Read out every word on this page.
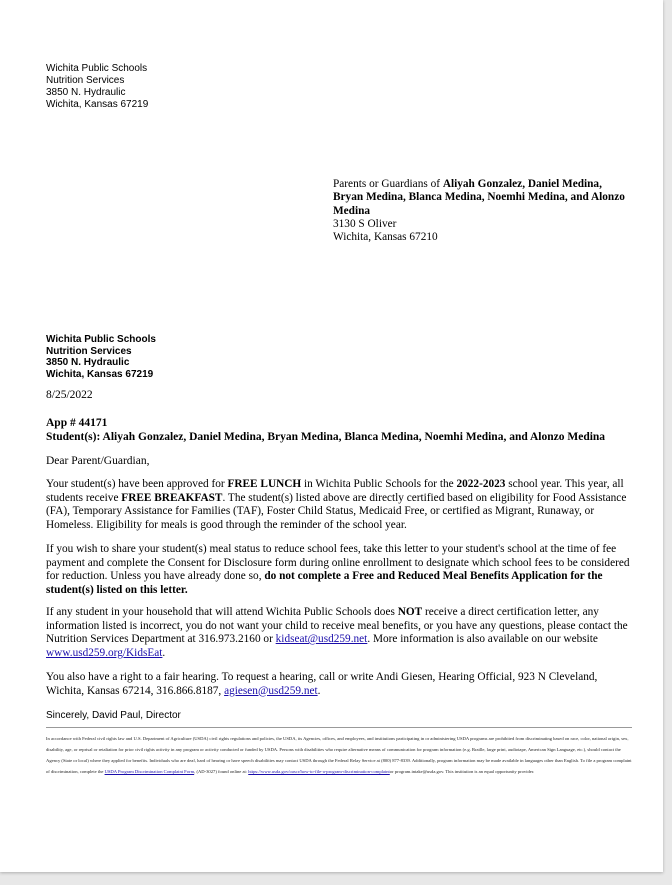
Wichita Public Schools
Nutrition Services
3850 N. Hydraulic
Wichita, Kansas 67219
Parents or Guardians of Aliyah Gonzalez, Daniel Medina, Bryan Medina, Blanca Medina, Noemhi Medina, and Alonzo Medina
3130 S Oliver
Wichita, Kansas 67210
Wichita Public Schools
Nutrition Services
3850 N. Hydraulic
Wichita, Kansas 67219
8/25/2022
App # 44171
Student(s): Aliyah Gonzalez, Daniel Medina, Bryan Medina, Blanca Medina, Noemhi Medina, and Alonzo Medina
Dear Parent/Guardian,
Your student(s) have been approved for FREE LUNCH in Wichita Public Schools for the 2022-2023 school year. This year, all students receive FREE BREAKFAST. The student(s) listed above are directly certified based on eligibility for Food Assistance (FA), Temporary Assistance for Families (TAF), Foster Child Status, Medicaid Free, or certified as Migrant, Runaway, or Homeless. Eligibility for meals is good through the reminder of the school year.
If you wish to share your student(s) meal status to reduce school fees, take this letter to your student's school at the time of fee payment and complete the Consent for Disclosure form during online enrollment to designate which school fees to be considered for reduction. Unless you have already done so, do not complete a Free and Reduced Meal Benefits Application for the student(s) listed on this letter.
If any student in your household that will attend Wichita Public Schools does NOT receive a direct certification letter, any information listed is incorrect, you do not want your child to receive meal benefits, or you have any questions, please contact the Nutrition Services Department at 316.973.2160 or kidseat@usd259.net. More information is also available on our website www.usd259.org/KidsEat.
You also have a right to a fair hearing. To request a hearing, call or write Andi Giesen, Hearing Official, 923 N Cleveland, Wichita, Kansas 67214, 316.866.8187, agiesen@usd259.net.
Sincerely, David Paul, Director
In accordance with Federal civil rights law and U.S. Department of Agriculture (USDA) civil rights regulations and policies, the USDA, its Agencies, offices, and employees, and institutions participating in or administering USDA programs are prohibited from discriminating based on race, color, national origin, sex, disability, age, or reprisal or retaliation for prior civil rights activity in any program or activity conducted or funded by USDA. Persons with disabilities who require alternative means of communication for program information (e.g. Braille, large print, audiotape, American Sign Language, etc.), should contact the Agency (State or local) where they applied for benefits. Individuals who are deaf, hard of hearing or have speech disabilities may contact USDA through the Federal Relay Service at (800) 877-8339. Additionally, program information may be made available in languages other than English. To file a program complaint of discrimination, complete the USDA Program Discrimination Complaint Form, (AD-3027) found online at: https://www.usda.gov/oascr/how-to-file-a-program-discrimination-complaintor program.intake@usda.gov. This institution is an equal opportunity provider.
